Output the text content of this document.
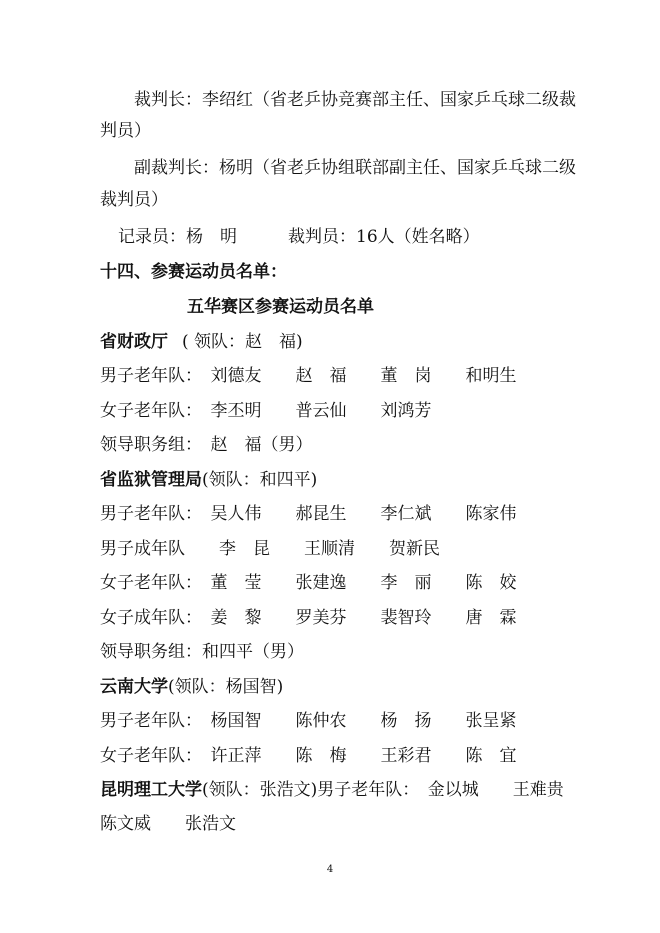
裁判长：李绍红（省老乒协竞赛部主任、国家乒乓球二级裁
判员）
副裁判长：杨明（省老乒协组联部副主任、国家乒乓球二级
裁判员）
记录员：杨　明　　　裁判员：16人（姓名略）
十四、参赛运动员名单：
五华赛区参赛运动员名单
省财政厅 ( 领队：赵　福)
男子老年队：　刘德友　　赵　福　　董　岗　　和明生
女子老年队：　李丕明　　普云仙　　刘鸿芳
领导职务组：　赵　福（男）
省监狱管理局(领队：和四平)
男子老年队：　吴人伟　　郝昆生　　李仁斌　　陈家伟
男子成年队　　李　昆　　王顺清　　贺新民
女子老年队：　董　莹　　张建逸　　李　丽　　陈　姣
女子成年队：　姜　黎　　罗美芬　　裴智玲　　唐　霖
领导职务组：和四平（男）
云南大学(领队：杨国智)
男子老年队：　杨国智　　陈仲农　　杨　扬　　张呈紧
女子老年队：　许正萍　　陈　梅　　王彩君　　陈　宜
昆明理工大学(领队：张浩文)男子老年队：　金以城　　王难贵
陈文威　　张浩文
4
